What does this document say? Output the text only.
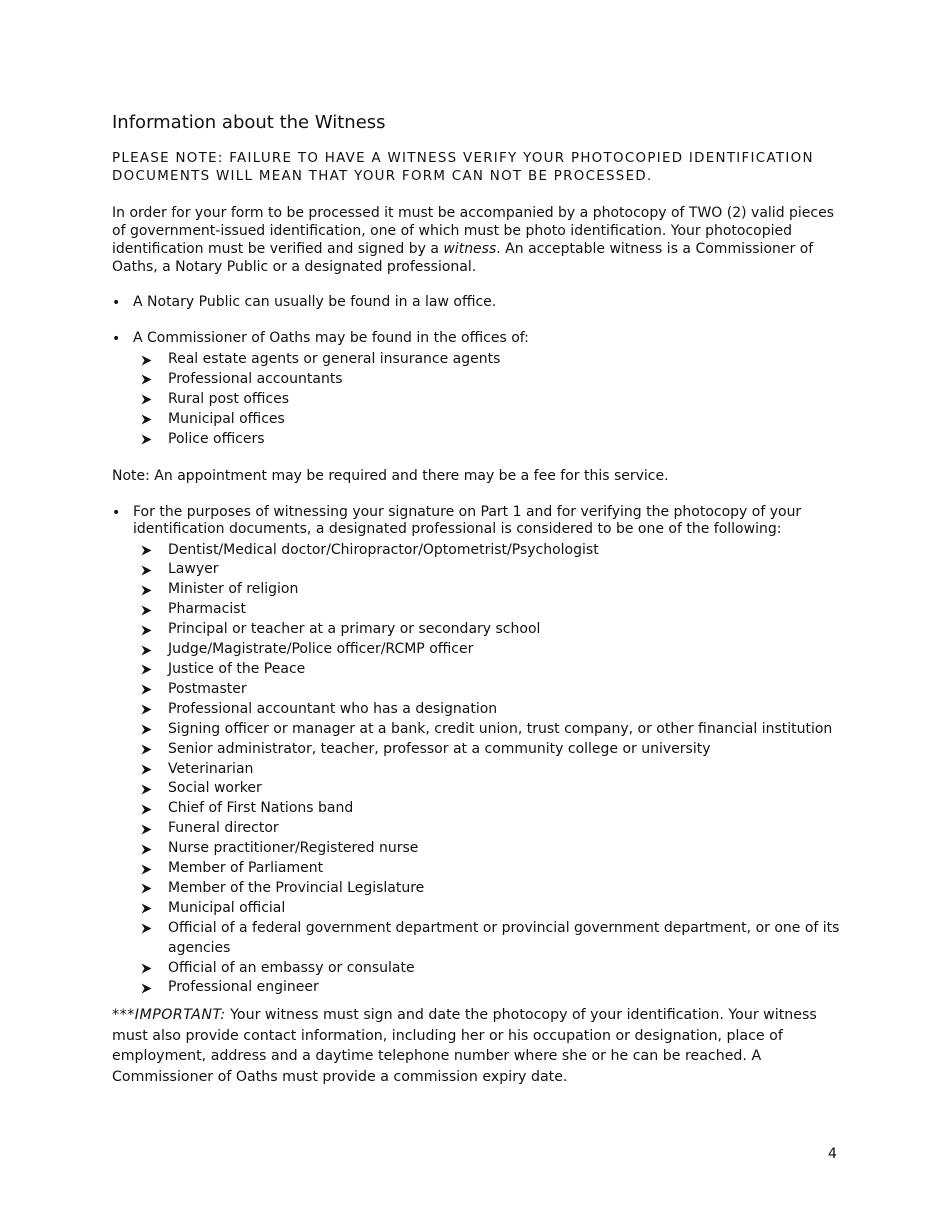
Information about the Witness
PLEASE NOTE: FAILURE TO HAVE A WITNESS VERIFY YOUR PHOTOCOPIED IDENTIFICATION DOCUMENTS WILL MEAN THAT YOUR FORM CAN NOT BE PROCESSED.
In order for your form to be processed it must be accompanied by a photocopy of TWO (2) valid pieces of government-issued identification, one of which must be photo identification. Your photocopied identification must be verified and signed by a witness. An acceptable witness is a Commissioner of Oaths, a Notary Public or a designated professional.
• A Notary Public can usually be found in a law office.
• A Commissioner of Oaths may be found in the offices of:
Real estate agents or general insurance agents
Professional accountants
Rural post offices
Municipal offices
Police officers
Note: An appointment may be required and there may be a fee for this service.
• For the purposes of witnessing your signature on Part 1 and for verifying the photocopy of your identification documents, a designated professional is considered to be one of the following:
Dentist/Medical doctor/Chiropractor/Optometrist/Psychologist
Lawyer
Minister of religion
Pharmacist
Principal or teacher at a primary or secondary school
Judge/Magistrate/Police officer/RCMP officer
Justice of the Peace
Postmaster
Professional accountant who has a designation
Signing officer or manager at a bank, credit union, trust company, or other financial institution
Senior administrator, teacher, professor at a community college or university
Veterinarian
Social worker
Chief of First Nations band
Funeral director
Nurse practitioner/Registered nurse
Member of Parliament
Member of the Provincial Legislature
Municipal official
Official of a federal government department or provincial government department, or one of its agencies
Official of an embassy or consulate
Professional engineer
***IMPORTANT: Your witness must sign and date the photocopy of your identification. Your witness must also provide contact information, including her or his occupation or designation, place of employment, address and a daytime telephone number where she or he can be reached. A Commissioner of Oaths must provide a commission expiry date.
4
